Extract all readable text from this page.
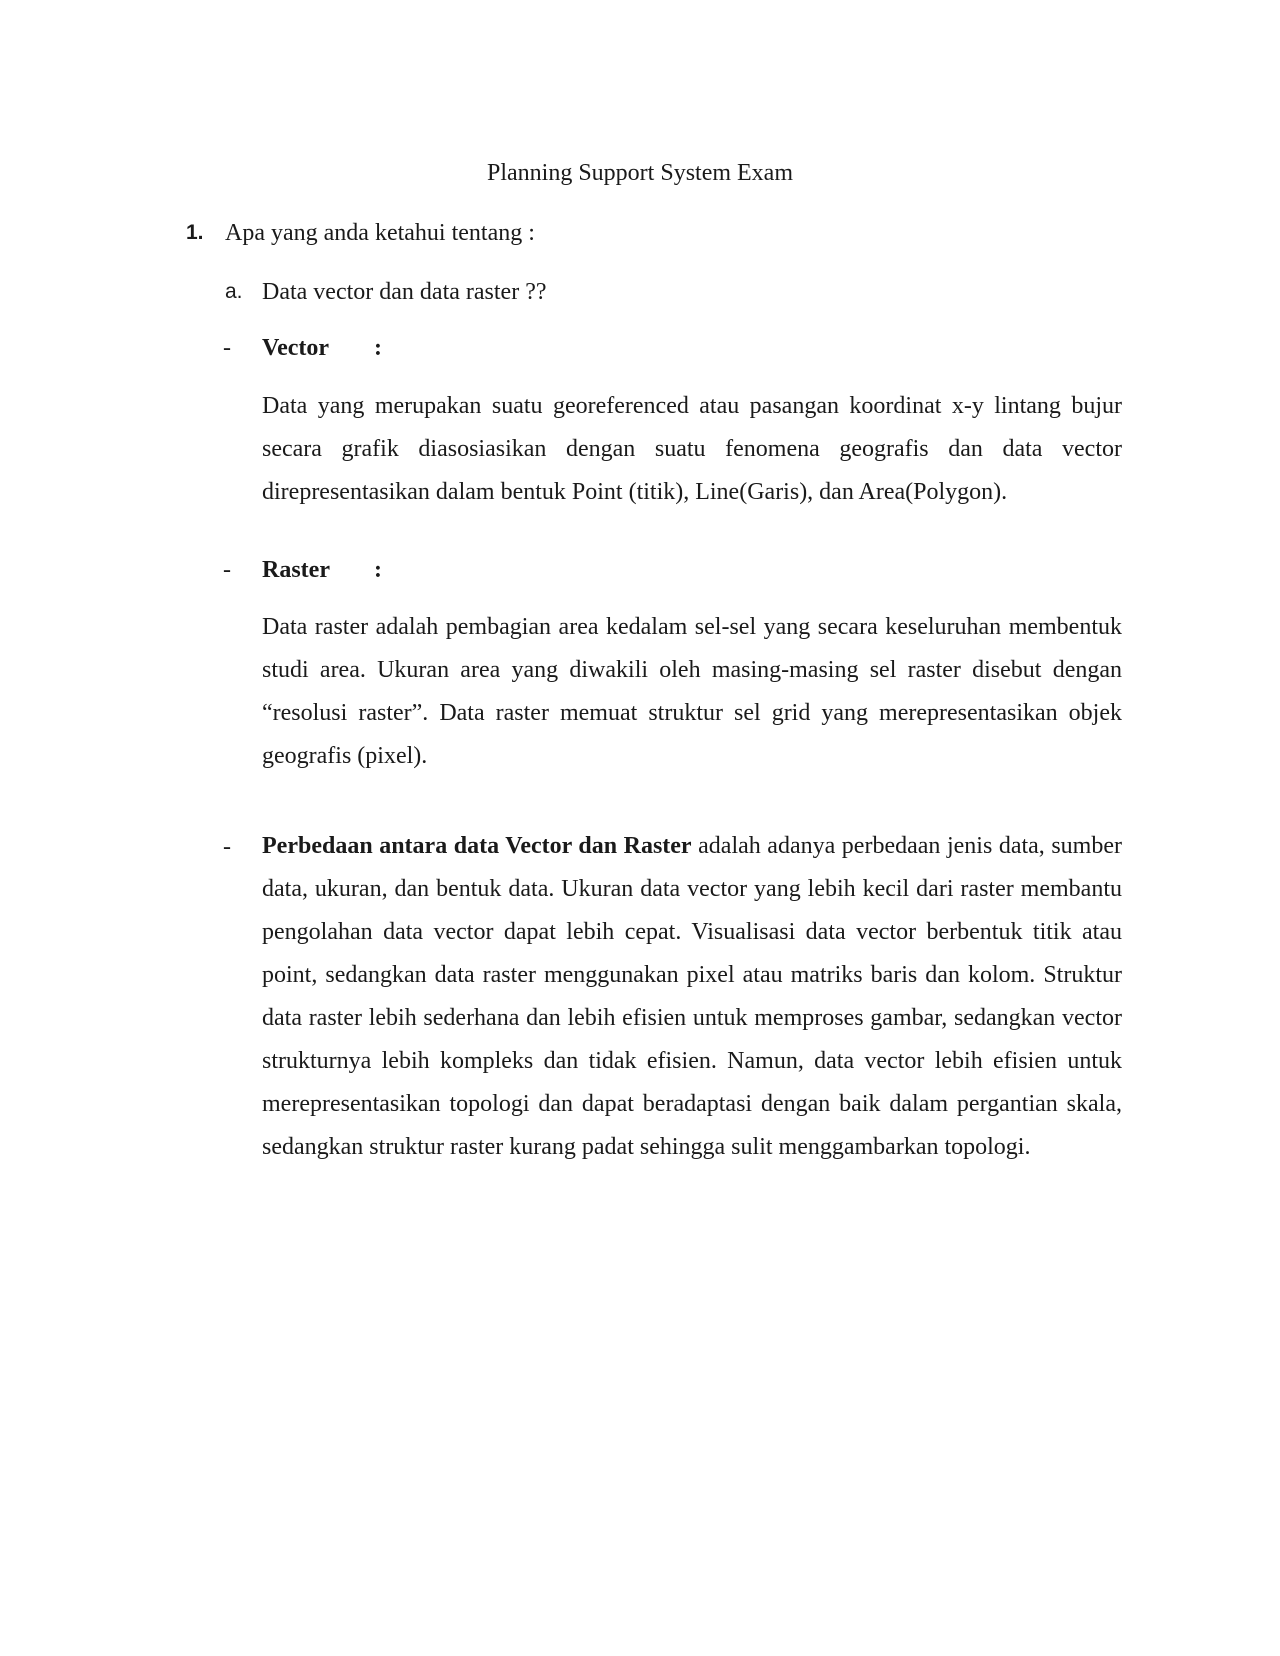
Planning Support System Exam
1. Apa yang anda ketahui tentang :
a. Data vector dan data raster ??
- Vector :

Data yang merupakan suatu georeferenced atau pasangan koordinat x-y lintang bujur secara grafik diasosiasikan dengan suatu fenomena geografis dan data vector direpresentasikan dalam bentuk Point (titik), Line(Garis), dan Area(Polygon).

- Raster :

Data raster adalah pembagian area kedalam sel-sel yang secara keseluruhan membentuk studi area. Ukuran area yang diwakili oleh masing-masing sel raster disebut dengan “resolusi raster”. Data raster memuat struktur sel grid yang merepresentasikan objek geografis (pixel).

- Perbedaan antara data Vector dan Raster adalah adanya perbedaan jenis data, sumber data, ukuran, dan bentuk data. Ukuran data vector yang lebih kecil dari raster membantu pengolahan data vector dapat lebih cepat. Visualisasi data vector berbentuk titik atau point, sedangkan data raster menggunakan pixel atau matriks baris dan kolom. Struktur data raster lebih sederhana dan lebih efisien untuk memproses gambar, sedangkan vector strukturnya lebih kompleks dan tidak efisien. Namun, data vector lebih efisien untuk merepresentasikan topologi dan dapat beradaptasi dengan baik dalam pergantian skala, sedangkan struktur raster kurang padat sehingga sulit menggambarkan topologi.
